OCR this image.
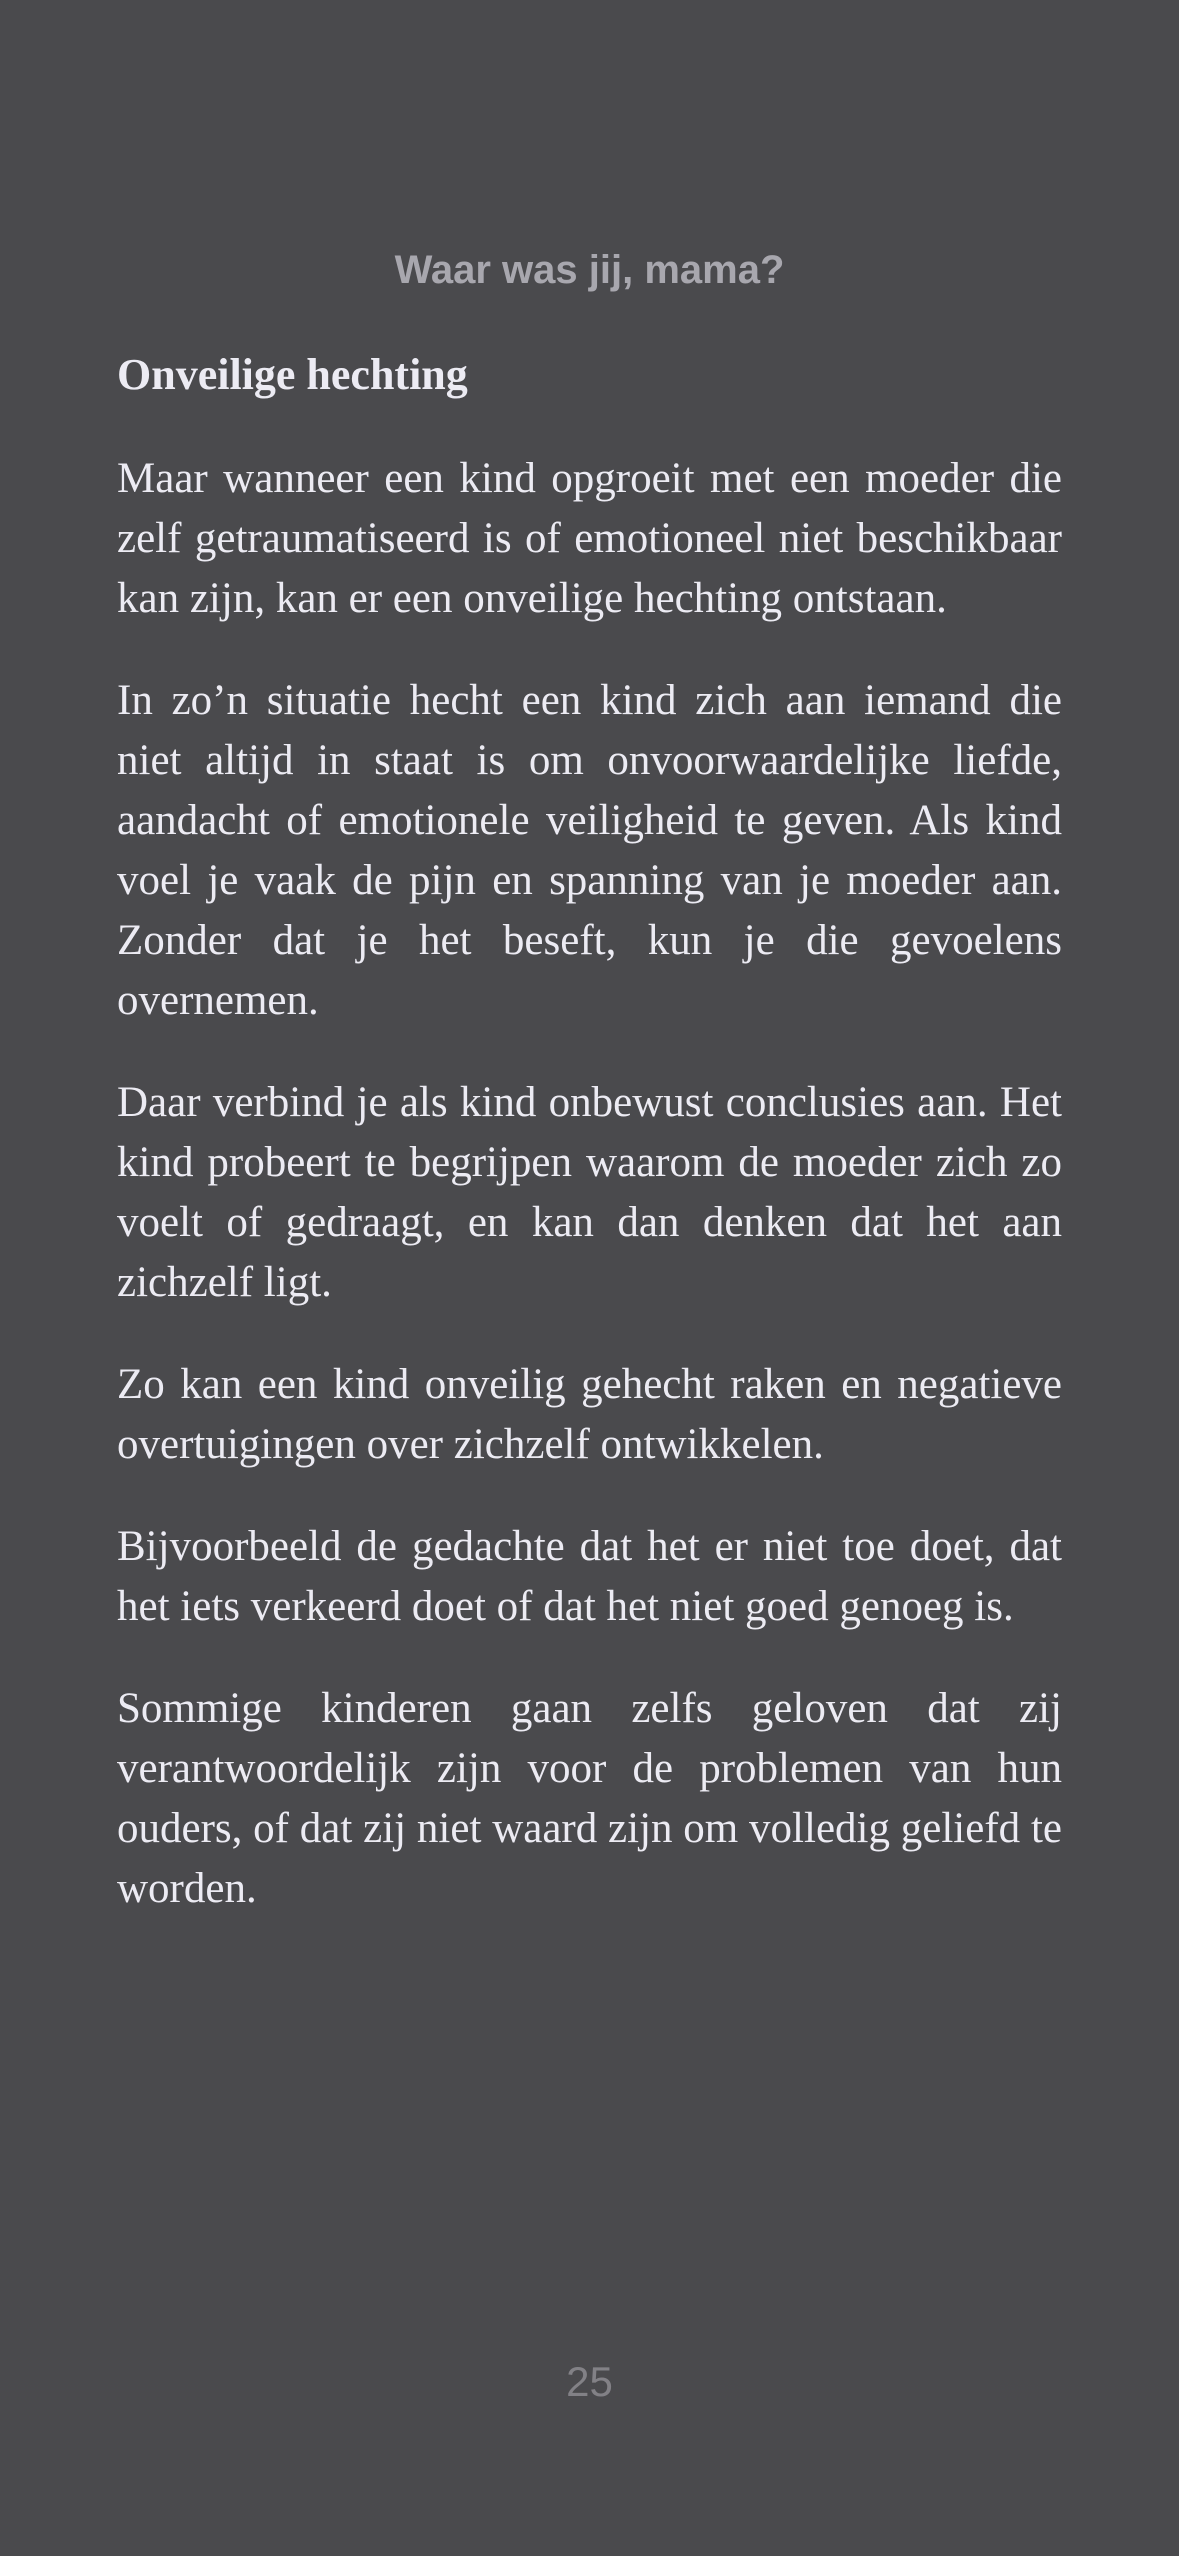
Waar was jij, mama?
Onveilige hechting

Maar wanneer een kind opgroeit met een moeder die zelf getraumatiseerd is of emotioneel niet beschikbaar kan zijn, kan er een onveilige hechting ontstaan.

In zo’n situatie hecht een kind zich aan iemand die niet altijd in staat is om onvoorwaardelijke liefde, aandacht of emotionele veiligheid te geven. Als kind voel je vaak de pijn en spanning van je moeder aan. Zonder dat je het beseft, kun je die gevoelens overnemen.

Daar verbind je als kind onbewust conclusies aan. Het kind probeert te begrijpen waarom de moeder zich zo voelt of gedraagt, en kan dan denken dat het aan zichzelf ligt.

Zo kan een kind onveilig gehecht raken en negatieve overtuigingen over zichzelf ontwikkelen.

Bijvoorbeeld de gedachte dat het er niet toe doet, dat het iets verkeerd doet of dat het niet goed genoeg is.

Sommige kinderen gaan zelfs geloven dat zij verantwoordelijk zijn voor de problemen van hun ouders, of dat zij niet waard zijn om volledig geliefd te worden.

25
